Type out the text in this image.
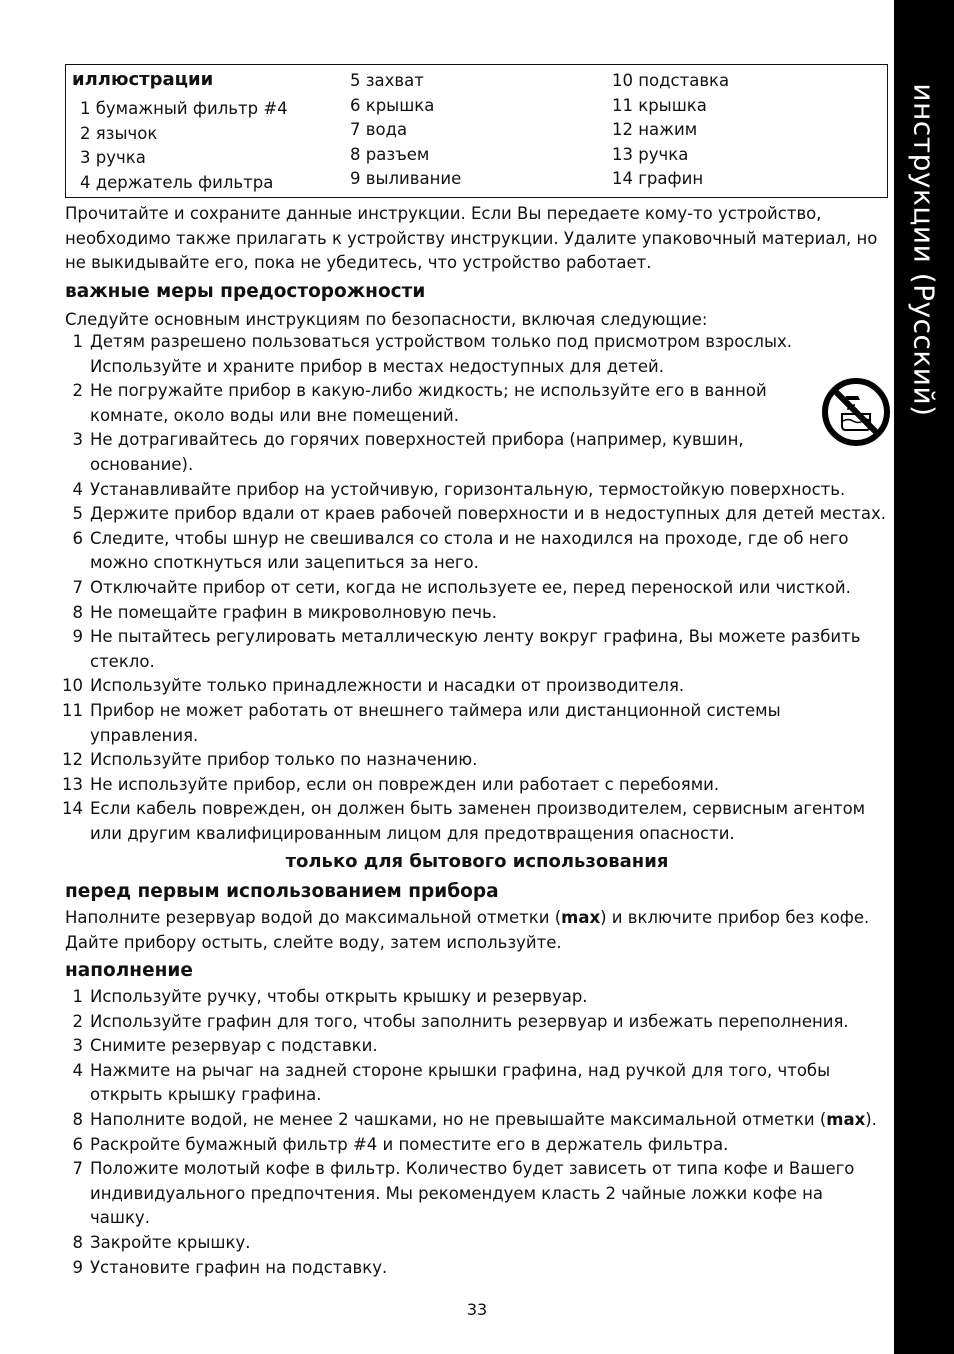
инструкции (Русский)
иллюстрации
1 бумажный фильтр #4
2 язычок
3 ручка
4 держатель фильтра
5 захват
6 крышка
7 вода
8 разъем
9 выливание
10 подставка
11 крышка
12 нажим
13 ручка
14 графин
Прочитайте и сохраните данные инструкции. Если Вы передаете кому-то устройство, необходимо также прилагать к устройству инструкции. Удалите упаковочный материал, но не выкидывайте его, пока не убедитесь, что устройство работает.
важные меры предосторожности
Следуйте основным инструкциям по безопасности, включая следующие:
1 Детям разрешено пользоваться устройством только под присмотром взрослых.
Используйте и храните прибор в местах недоступных для детей.
2 Не погружайте прибор в какую-либо жидкость; не используйте его в ванной
комнате, около воды или вне помещений.
3 Не дотрагивайтесь до горячих поверхностей прибора (например, кувшин,
основание).
4 Устанавливайте прибор на устойчивую, горизонтальную, термостойкую поверхность.
5 Держите прибор вдали от краев рабочей поверхности и в недоступных для детей местах.
6 Следите, чтобы шнур не свешивался со стола и не находился на проходе, где об него
можно споткнуться или зацепиться за него.
7 Отключайте прибор от сети, когда не используете ее, перед переноской или чисткой.
8 Не помещайте графин в микроволновую печь.
9 Не пытайтесь регулировать металлическую ленту вокруг графина, Вы можете разбить
стекло.
10 Используйте только принадлежности и насадки от производителя.
11 Прибор не может работать от внешнего таймера или дистанционной системы
управления.
12 Используйте прибор только по назначению.
13 Не используйте прибор, если он поврежден или работает с перебоями.
14 Если кабель поврежден, он должен быть заменен производителем, сервисным агентом
или другим квалифицированным лицом для предотвращения опасности.
только для бытового использования
перед первым использованием прибора
Наполните резервуар водой до максимальной отметки (max) и включите прибор без кофе. Дайте прибору остыть, слейте воду, затем используйте.
наполнение
1 Используйте ручку, чтобы открыть крышку и резервуар.
2 Используйте графин для того, чтобы заполнить резервуар и избежать переполнения.
3 Снимите резервуар с подставки.
4 Нажмите на рычаг на задней стороне крышки графина, над ручкой для того, чтобы
открыть крышку графина.
8 Наполните водой, не менее 2 чашками, но не превышайте максимальной отметки (max).
6 Раскройте бумажный фильтр #4 и поместите его в держатель фильтра.
7 Положите молотый кофе в фильтр. Количество будет зависеть от типа кофе и Вашего
индивидуального предпочтения. Мы рекомендуем класть 2 чайные ложки кофе на
чашку.
8 Закройте крышку.
9 Установите графин на подставку.
33
